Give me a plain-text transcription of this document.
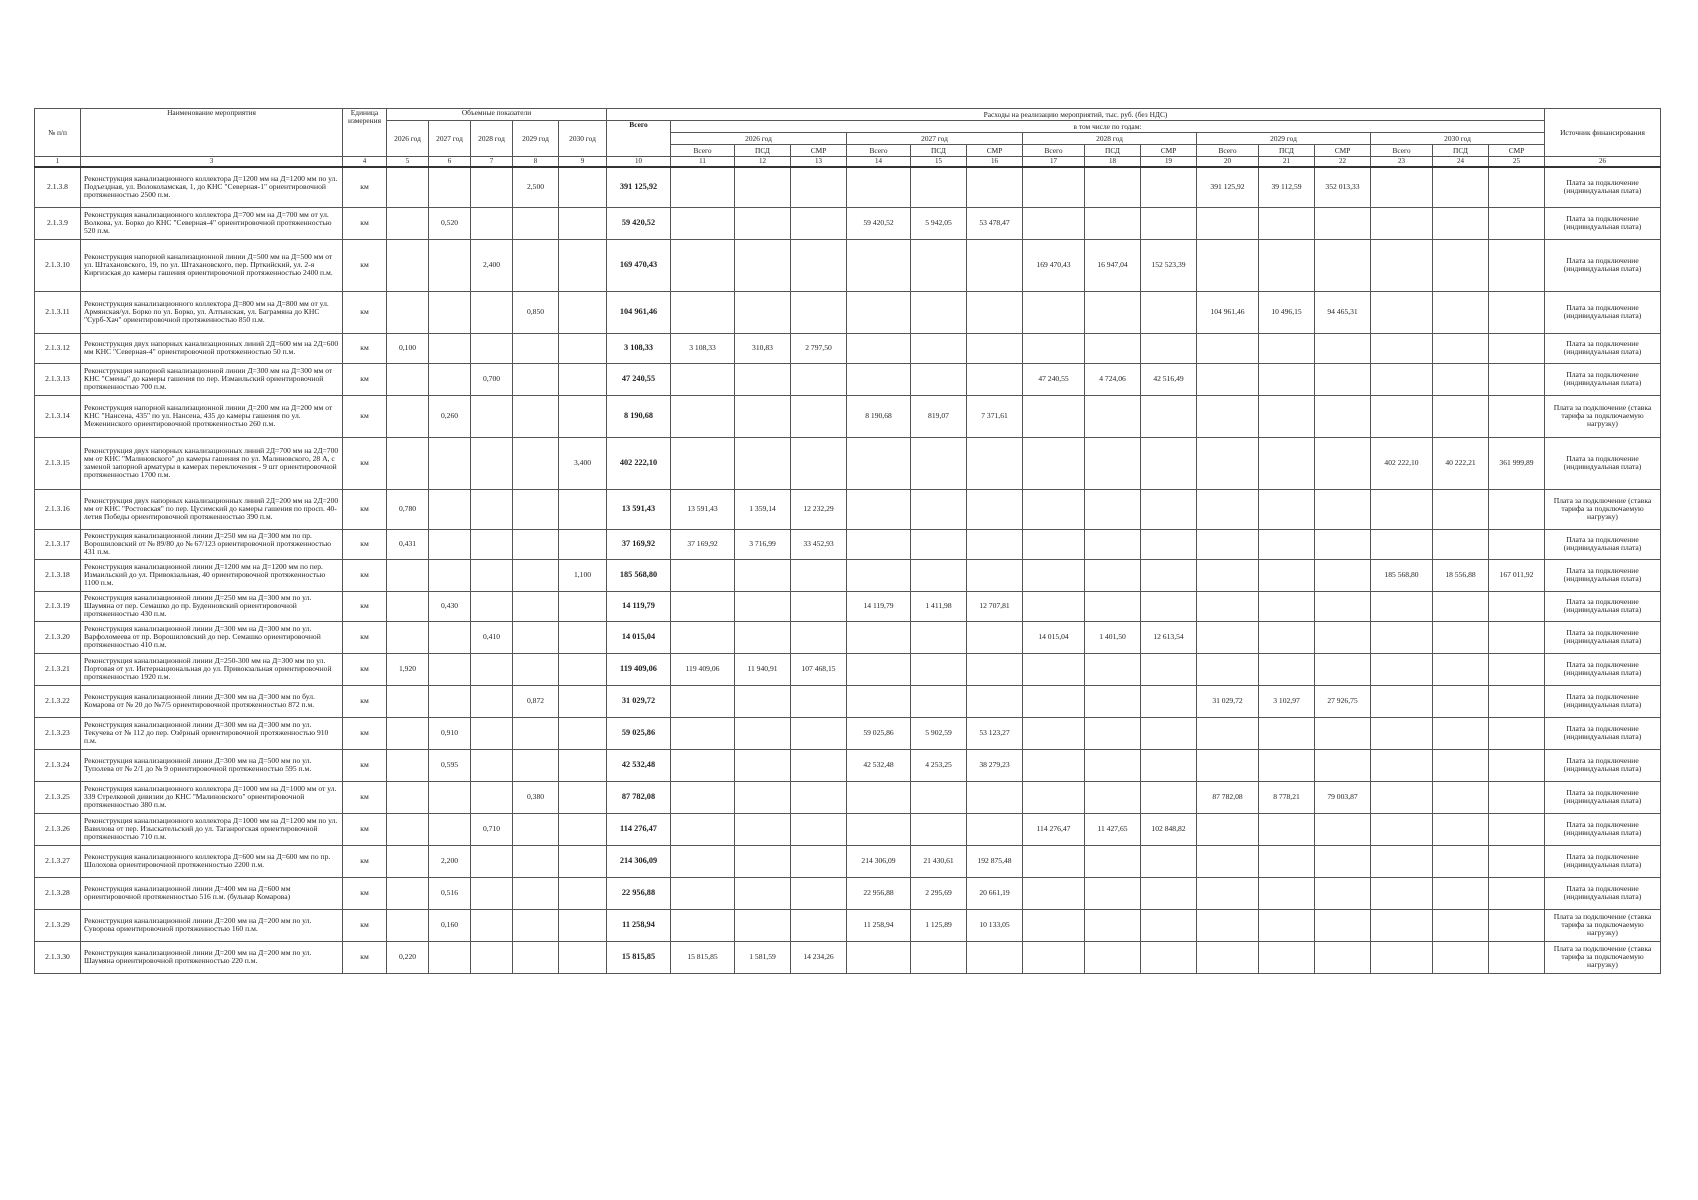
№ п/п	Наименование мероприятия	Единица измерения	Объемные показатели					Расходы на реализацию мероприятий, тыс. руб. (без НДС)																Источник финансирования
			2026 год	2027 год	2028 год	2029 год	2030 год	Всего	в том числе по годам:															
									2026 год			2027 год			2028 год			2029 год			2030 год			
									Всего	ПСД	СМР	Всего	ПСД	СМР	Всего	ПСД	СМР	Всего	ПСД	СМР	Всего	ПСД	СМР	
1	3	4	5	6	7	8	9	10	11	12	13	14	15	16	17	18	19	20	21	22	23	24	25	26
2.1.3.8	Реконструкция канализационного коллектора Д=1200 мм на Д=1200 мм по ул. Подъездная, ул. Волоколамская, 1, до КНС "Северная-1" ориентировочной протяженностью 2500 п.м.	км				2,500		391 125,92										391 125,92	39 112,59	352 013,33				Плата за подключение (индивидуальная плата)
2.1.3.9	Реконструкция канализационного коллектора Д=700 мм на Д=700 мм от ул. Волкова, ул. Борко до КНС "Северная-4" ориентировочной протяженностью 520 п.м.	км		0,520				59 420,52				59 420,52	5 942,05	53 478,47										Плата за подключение (индивидуальная плата)
2.1.3.10	Реконструкция напорной канализационной линии Д=500 мм на Д=500 мм от ул. Штахановского, 19, по ул. Штахановского, пер. Прткийский, ул. 2-я Киргизская до камеры гашения ориентировочной протяженностью 2400 п.м.	км			2,400			169 470,43							169 470,43	16 947,04	152 523,39							Плата за подключение (индивидуальная плата)
2.1.3.11	Реконструкция канализационного коллектора Д=800 мм на Д=800 мм от ул. Армянская/ул. Борко по ул. Борко, ул. Алтынская, ул. Баграмяна до КНС "Сурб-Хач" ориентировочной протяженностью 850 п.м.	км				0,850		104 961,46										104 961,46	10 496,15	94 465,31				Плата за подключение (индивидуальная плата)
2.1.3.12	Реконструкция двух напорных канализационных линий 2Д=600 мм на 2Д=600 мм КНС "Северная-4" ориентировочной протяженностью 50 п.м.	км	0,100					3 108,33	3 108,33	310,83	2 797,50													Плата за подключение (индивидуальная плата)
2.1.3.13	Реконструкция напорной канализационной линии Д=300 мм на Д=300 мм от КНС "Смены" до камеры гашения по пер. Измаильский ориентировочной протяженностью 700 п.м.	км			0,700			47 240,55							47 240,55	4 724,06	42 516,49							Плата за подключение (индивидуальная плата)
2.1.3.14	Реконструкция напорной канализационной линии Д=200 мм на Д=200 мм от КНС "Нансена, 435" по ул. Нансена, 435 до камеры гашения по ул. Меженинского ориентировочной протяженностью 260 п.м.	км		0,260				8 190,68				8 190,68	819,07	7 371,61										Плата за подключение (ставка тарифа за подключаемую нагрузку)
2.1.3.15	Реконструкция двух напорных канализационных линий 2Д=700 мм на 2Д=700 мм от КНС "Малиновского" до камеры гашения по ул. Малиновского, 28 А, с заменой запорной арматуры в камерах переключения - 9 шт ориентировочной протяженностью 1700 п.м.	км					3,400	402 222,10													402 222,10	40 222,21	361 999,89	Плата за подключение (индивидуальная плата)
2.1.3.16	Реконструкция двух напорных канализационных линий 2Д=200 мм на 2Д=200 мм от КНС "Ростовская" по пер. Цусимский до камеры гашения по просп. 40-летия Победы ориентировочной протяженностью 390 п.м.	км	0,780					13 591,43	13 591,43	1 359,14	12 232,29													Плата за подключение (ставка тарифа за подключаемую нагрузку)
2.1.3.17	Реконструкция канализационной линии Д=250 мм на Д=300 мм по пр. Ворошиловский от № 89/80 до № 67/123 ориентировочной протяженностью 431 п.м.	км	0,431					37 169,92	37 169,92	3 716,99	33 452,93													Плата за подключение (индивидуальная плата)
2.1.3.18	Реконструкция канализационной линии Д=1200 мм на Д=1200 мм по пер. Измаильский до ул. Привокзальная, 40 ориентировочной протяженностью 1100 п.м.	км					1,100	185 568,80													185 568,80	18 556,88	167 011,92	Плата за подключение (индивидуальная плата)
2.1.3.19	Реконструкция канализационной линии Д=250 мм на Д=300 мм по ул. Шаумяна от пер. Семашко до пр. Буденновский ориентировочной протяженностью 430 п.м.	км		0,430				14 119,79				14 119,79	1 411,98	12 707,81										Плата за подключение (индивидуальная плата)
2.1.3.20	Реконструкция канализационной линии Д=300 мм на Д=300 мм по ул. Варфоломеева от пр. Ворошиловский до пер. Семашко ориентировочной протяженностью 410 п.м.	км			0,410			14 015,04							14 015,04	1 401,50	12 613,54							Плата за подключение (индивидуальная плата)
2.1.3.21	Реконструкция канализационной линии Д=250-300 мм на Д=300 мм по ул. Портовая от ул. Интернациональная до ул. Привокзальная ориентировочной протяженностью 1920 п.м.	км	1,920					119 409,06	119 409,06	11 940,91	107 468,15													Плата за подключение (индивидуальная плата)
2.1.3.22	Реконструкция канализационной линии Д=300 мм на Д=300 мм по бул. Комарова от № 20 до №7/5 ориентировочной протяженностью 872 п.м.	км				0,872		31 029,72										31 029,72	3 102,97	27 926,75				Плата за подключение (индивидуальная плата)
2.1.3.23	Реконструкция канализационной линии Д=300 мм на Д=300 мм по ул. Текучева от № 112 до пер. Озёрный ориентировочной протяженностью 910 п.м.	км		0,910				59 025,86				59 025,86	5 902,59	53 123,27										Плата за подключение (индивидуальная плата)
2.1.3.24	Реконструкция канализационной линии Д=300 мм на Д=500 мм по ул. Туполева от № 2/1 до № 9 ориентировочной протяженностью 595 п.м.	км		0,595				42 532,48				42 532,48	4 253,25	38 279,23										Плата за подключение (индивидуальная плата)
2.1.3.25	Реконструкция канализационного коллектора Д=1000 мм на Д=1000 мм от ул. 339 Стрелковой дивизии до КНС "Малиновского" ориентировочной протяженностью 380 п.м.	км				0,380		87 782,08										87 782,08	8 778,21	79 003,87				Плата за подключение (индивидуальная плата)
2.1.3.26	Реконструкция канализационного коллектора Д=1000 мм на Д=1200 мм по ул. Вавилова от пер. Изыскательский до ул. Таганрогская ориентировочной протяженностью 710 п.м.	км			0,710			114 276,47							114 276,47	11 427,65	102 848,82							Плата за подключение (индивидуальная плата)
2.1.3.27	Реконструкция канализационного коллектора Д=600 мм на Д=600 мм по пр. Шолохова ориентировочной протяженностью 2200 п.м.	км		2,200				214 306,09				214 306,09	21 430,61	192 875,48										Плата за подключение (индивидуальная плата)
2.1.3.28	Реконструкция канализационной линии Д=400 мм на Д=600 мм ориентировочной протяженностью 516 п.м. (бульвар Комарова)	км		0,516				22 956,88				22 956,88	2 295,69	20 661,19										Плата за подключение (индивидуальная плата)
2.1.3.29	Реконструкция канализационной линии Д=200 мм на Д=200 мм по ул. Суворова ориентировочной протяженностью 160 п.м.	км		0,160				11 258,94				11 258,94	1 125,89	10 133,05										Плата за подключение (ставка тарифа за подключаемую нагрузку)
2.1.3.30	Реконструкция канализационной линии Д=200 мм на Д=200 мм по ул. Шаумяна ориентировочной протяженностью 220 п.м.	км	0,220					15 815,85	15 815,85	1 581,59	14 234,26													Плата за подключение (ставка тарифа за подключаемую нагрузку)
